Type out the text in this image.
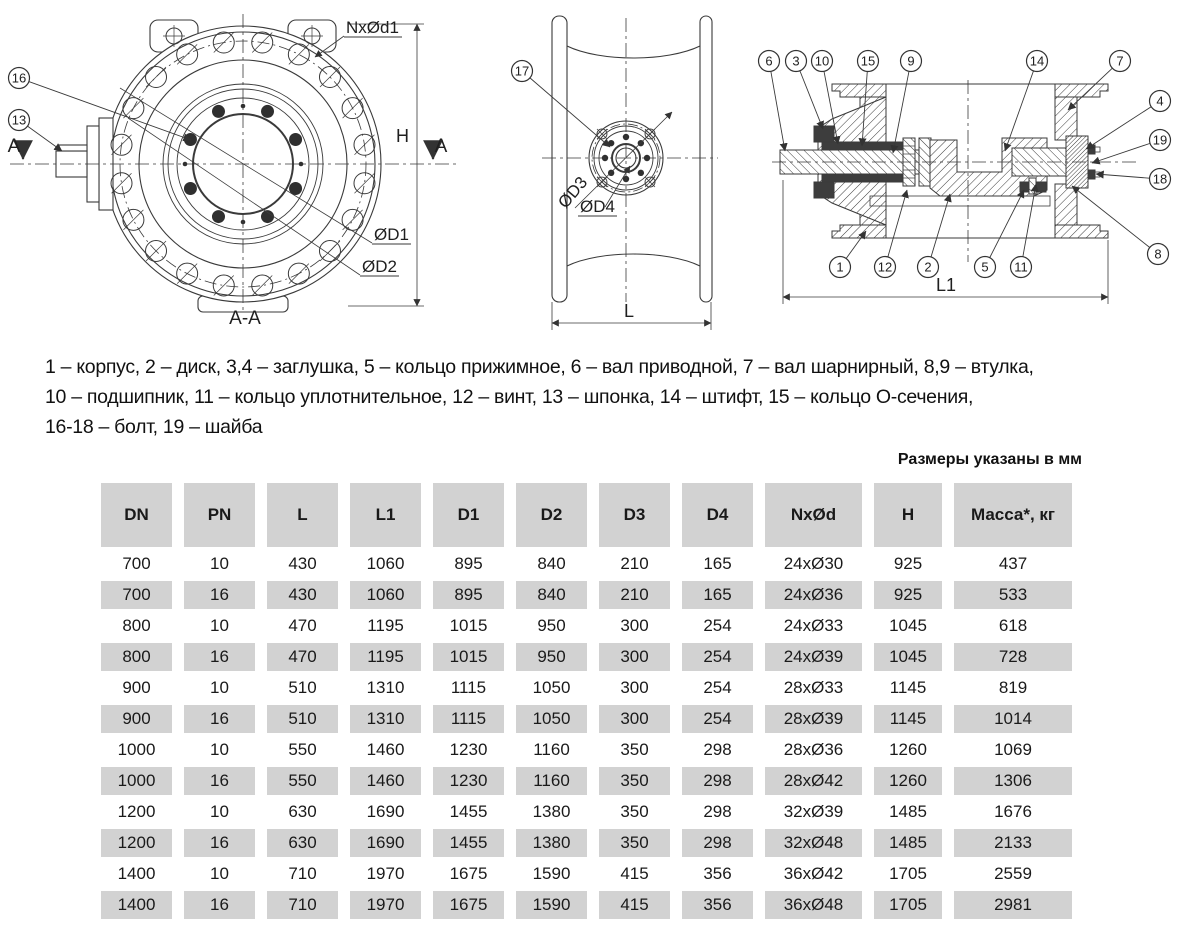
NxØd1
H
ØD1
ØD2
A-A
A	A
ØD3
ØD4
L
L1
16
13
17
6 3 10 15 9	14	7
4
19
18
8
1	12 2	5 11
1 – корпус, 2 – диск, 3,4 – заглушка, 5 – кольцо прижимное, 6 – вал приводной, 7 – вал шарнирный, 8,9 – втулка,
10 – подшипник, 11 – кольцо уплотнительное, 12 – винт, 13 – шпонка, 14 – штифт, 15 – кольцо О-сечения,
16-18 – болт, 19 – шайба
Размеры указаны в мм
DN	PN	L	L1	D1	D2	D3	D4	NxØd	H	Масса*, кг
700	10	430	1060	895	840	210	165	24xØ30	925	437
700	16	430	1060	895	840	210	165	24xØ36	925	533
800	10	470	1195	1015	950	300	254	24xØ33	1045	618
800	16	470	1195	1015	950	300	254	24xØ39	1045	728
900	10	510	1310	1115	1050	300	254	28xØ33	1145	819
900	16	510	1310	1115	1050	300	254	28xØ39	1145	1014
1000	10	550	1460	1230	1160	350	298	28xØ36	1260	1069
1000	16	550	1460	1230	1160	350	298	28xØ42	1260	1306
1200	10	630	1690	1455	1380	350	298	32xØ39	1485	1676
1200	16	630	1690	1455	1380	350	298	32xØ48	1485	2133
1400	10	710	1970	1675	1590	415	356	36xØ42	1705	2559
1400	16	710	1970	1675	1590	415	356	36xØ48	1705	2981
